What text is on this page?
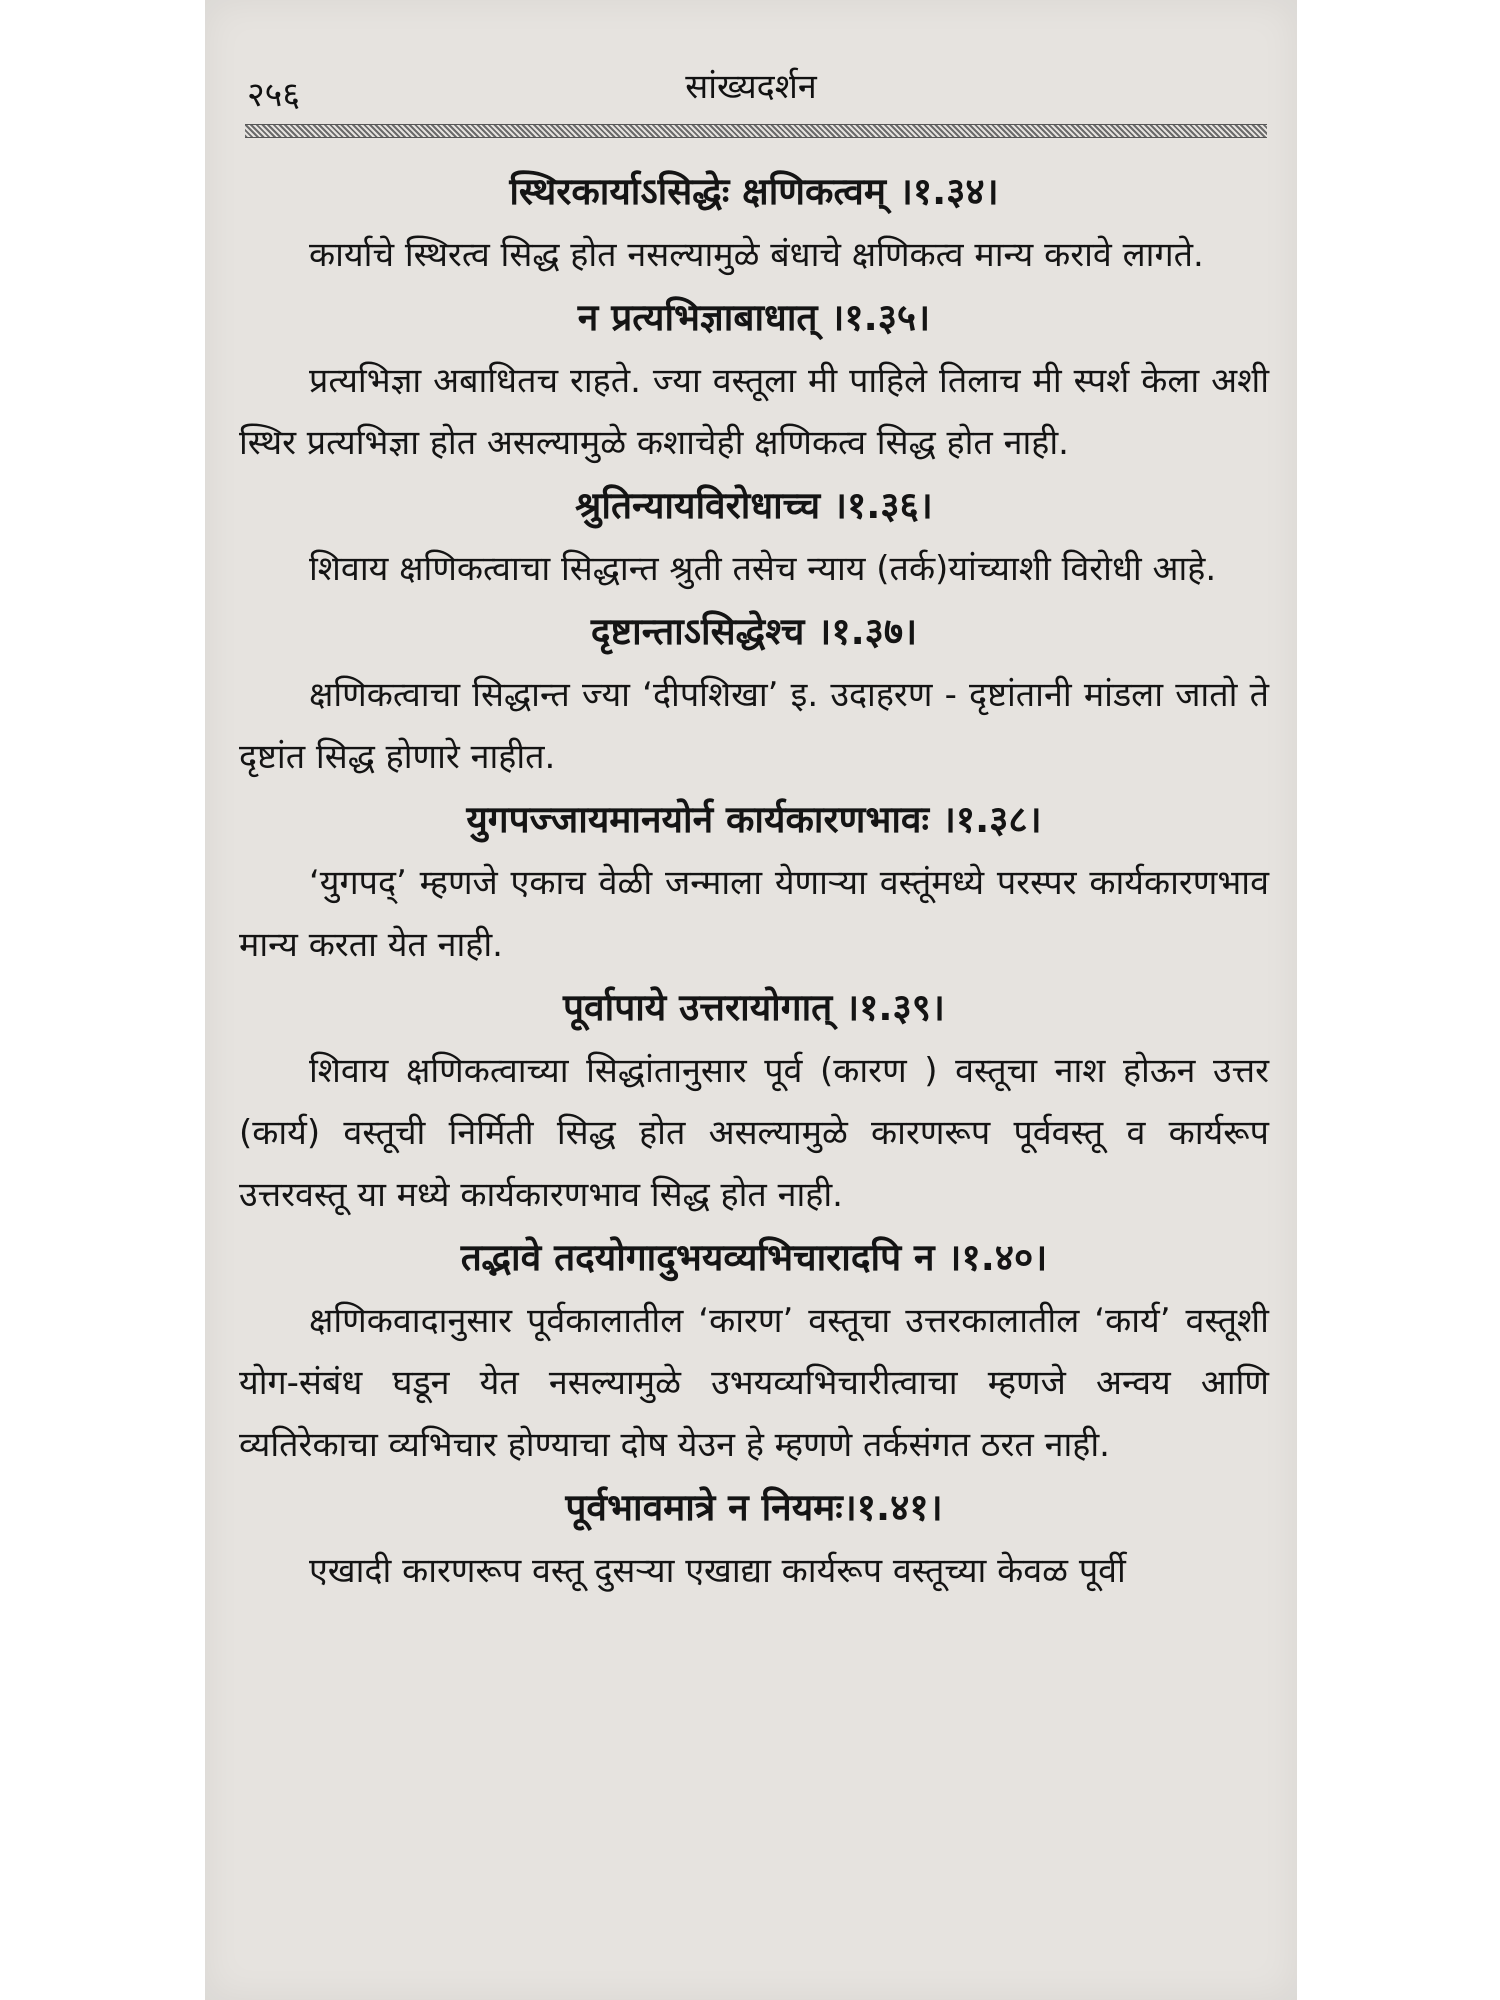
२५६	सांख्यदर्शन

स्थिरकार्याऽसिद्धेः क्षणिकत्वम् ।१.३४।

कार्याचे स्थिरत्व सिद्ध होत नसल्यामुळे बंधाचे क्षणिकत्व मान्य करावे लागते.

न प्रत्यभिज्ञाबाधात् ।१.३५।

प्रत्यभिज्ञा अबाधितच राहते. ज्या वस्तूला मी पाहिले तिलाच मी स्पर्श केला अशी स्थिर प्रत्यभिज्ञा होत असल्यामुळे कशाचेही क्षणिकत्व सिद्ध होत नाही.

श्रुतिन्यायविरोधाच्च ।१.३६।

शिवाय क्षणिकत्वाचा सिद्धान्त श्रुती तसेच न्याय (तर्क)यांच्याशी विरोधी आहे.

दृष्टान्ताऽसिद्धेश्च ।१.३७।

क्षणिकत्वाचा सिद्धान्त ज्या ‘दीपशिखा’ इ. उदाहरण - दृष्टांतानी मांडला जातो ते दृष्टांत सिद्ध होणारे नाहीत.

युगपज्जायमानयोर्न कार्यकारणभावः ।१.३८।

‘युगपद्’ म्हणजे एकाच वेळी जन्माला येणाऱ्या वस्तूंमध्ये परस्पर कार्यकारणभाव मान्य करता येत नाही.

पूर्वापाये उत्तरायोगात् ।१.३९।

शिवाय क्षणिकत्वाच्या सिद्धांतानुसार पूर्व (कारण ) वस्तूचा नाश होऊन उत्तर (कार्य) वस्तूची निर्मिती सिद्ध होत असल्यामुळे कारणरूप पूर्ववस्तू व कार्यरूप उत्तरवस्तू या मध्ये कार्यकारणभाव सिद्ध होत नाही.

तद्भावे तदयोगादुभयव्यभिचारादपि न ।१.४०।

क्षणिकवादानुसार पूर्वकालातील ‘कारण’ वस्तूचा उत्तरकालातील ‘कार्य’ वस्तूशी योग-संबंध घडून येत नसल्यामुळे उभयव्यभिचारीत्वाचा म्हणजे अन्वय आणि व्यतिरेकाचा व्यभिचार होण्याचा दोष येउन हे म्हणणे तर्कसंगत ठरत नाही.

पूर्वभावमात्रे न नियमः।१.४१।

एखादी कारणरूप वस्तू दुसऱ्या एखाद्या कार्यरूप वस्तूच्या केवळ पूर्वी
